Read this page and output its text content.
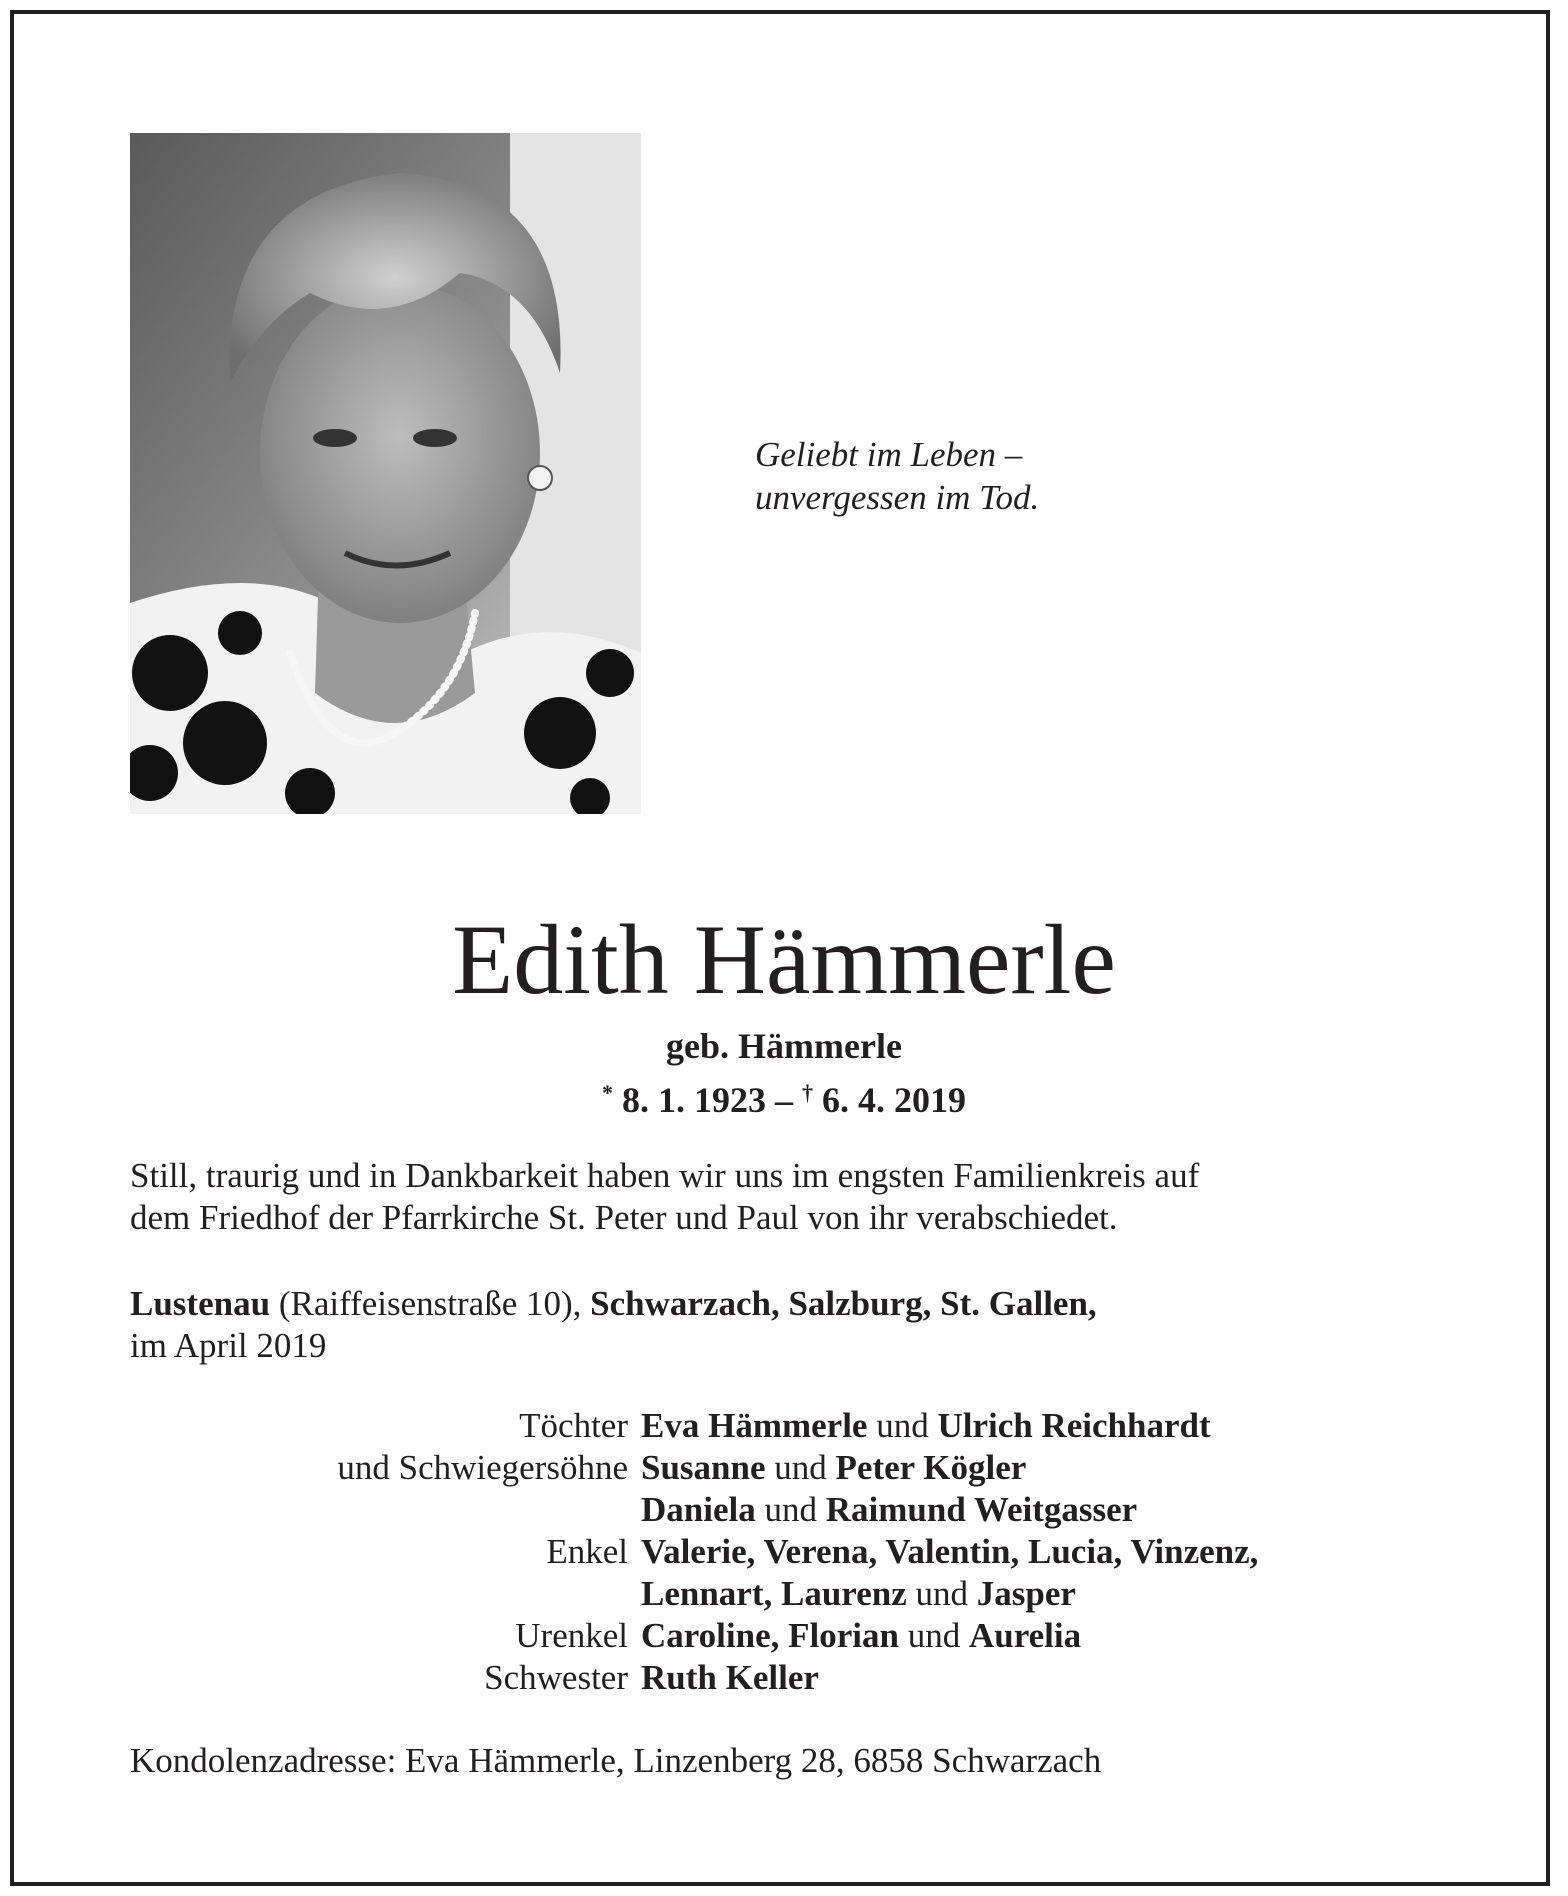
Geliebt im Leben –
unvergessen im Tod.
Edith Hämmerle
geb. Hämmerle
* 8. 1. 1923 – † 6. 4. 2019
Still, traurig und in Dankbarkeit haben wir uns im engsten Familienkreis auf
dem Friedhof der Pfarrkirche St. Peter und Paul von ihr verabschiedet.
Lustenau (Raiffeisenstraße 10), Schwarzach, Salzburg, St. Gallen,
im April 2019
Töchter Eva Hämmerle und Ulrich Reichhardt
und Schwiegersöhne Susanne und Peter Kögler
Daniela und Raimund Weitgasser
Enkel Valerie, Verena, Valentin, Lucia, Vinzenz,
Lennart, Laurenz und Jasper
Urenkel Caroline, Florian und Aurelia
Schwester Ruth Keller
Kondolenzadresse: Eva Hämmerle, Linzenberg 28, 6858 Schwarzach
